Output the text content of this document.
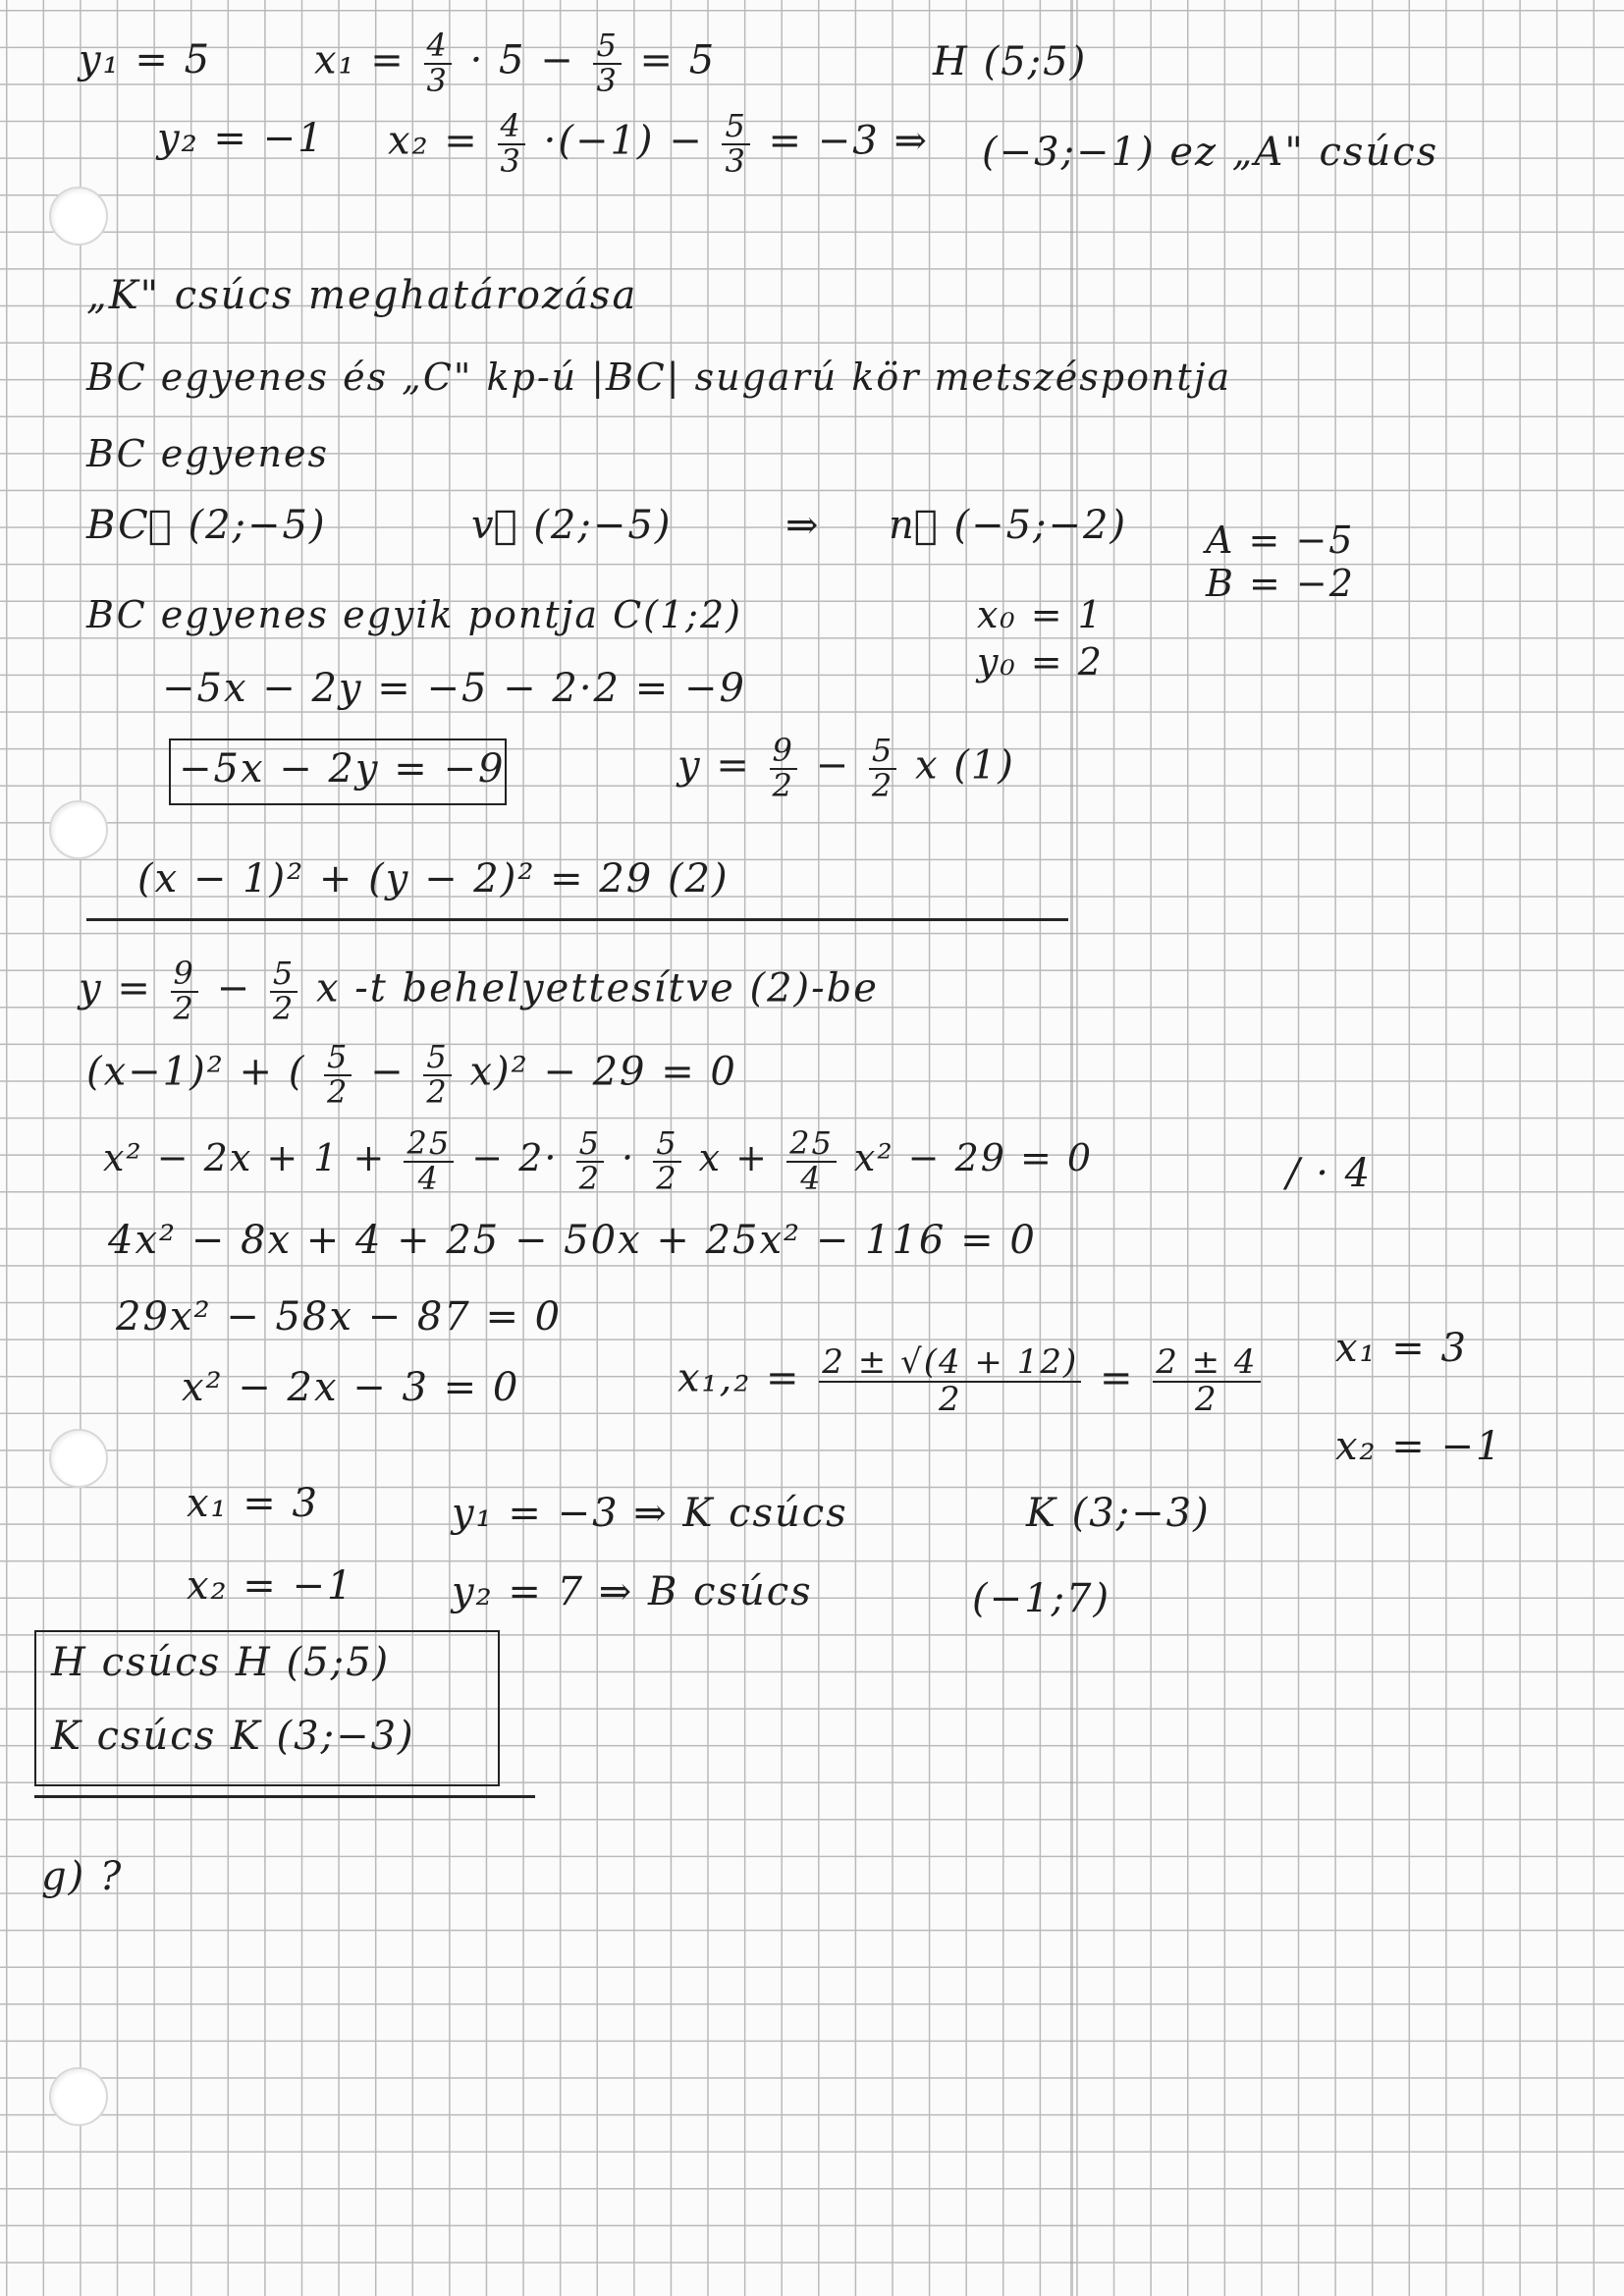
y₁ = 5	$x_1 = \frac{4}{3} \cdot 5 - \frac{5}{3} = 5$	H (5;5)
y₂ = −1 $x_2 = \frac{4}{3} \cdot(-1) - \frac{5}{3} = -3$ ⇒ (−3;−1) ez „A" csúcs
„K" csúcs meghatározása
BC egyenes és „C" kp-ú |BC| sugarú kör metszéspontja
BC egyenes
BC⃗ (2;−5)	v⃗ (2;−5)	⇒ n⃗ (−5;−2) A = −5
B = −2
BC egyenes egyik pontja C(1;2)	x₀ = 1
y₀ = 2
−5x − 2y = −5 − 2·2 = −9
−5x − 2y = −9	$y = \frac{9}{2} - \frac{5}{2}$ x (1)
(x − 1)² + (y − 2)² = 29 (2)
$y = \frac{9}{2} - \frac{5}{2}$ x -t behelyettesítve (2)-be
(x−1)² + ( $\frac{5}{2} - \frac{5}{2} x)^2 - 29 = 0$
$x^2 - 2x + 1 + \frac{25}{4} - 2\cdot \frac{5}{2} \cdot \frac{5}{2}$ $x + \frac{25}{4} x^2 - 29 = 0$	/ · 4
4x² − 8x + 4 + 25 − 50x + 25x² − 116 = 0
29x² − 58x − 87 = 0
x² − 2x − 3 = 0	$x_1,_2 = \frac{2 \pm √(4 + 12)}{2} = \frac{2 \pm 4}{2} x_1 = 3$
x₂ = −1
x₁ = 3	y₁ = −3 ⇒ K csúcs	K (3;−3)
x₂ = −1 y₂ = 7 ⇒ B csúcs	(−1;7)
H csúcs H (5;5)
K csúcs K (3;−3)
g) ?
